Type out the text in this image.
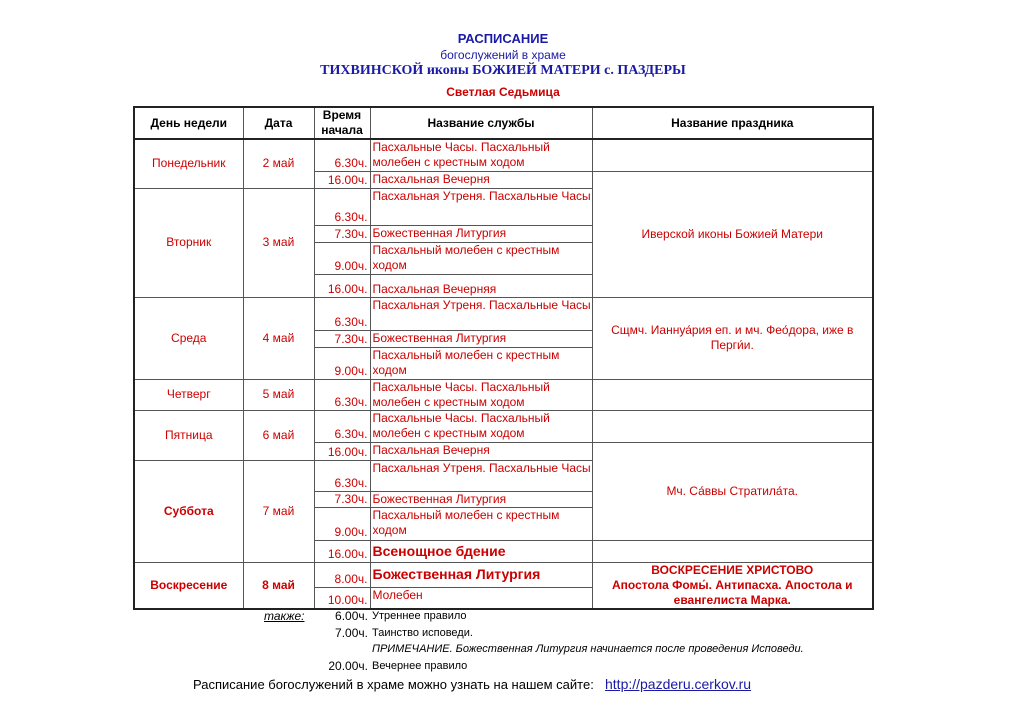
РАСПИСАНИЕ
богослужений в храме
ТИХВИНСКОЙ иконы БОЖИЕЙ МАТЕРИ с. ПАЗДЕРЫ
Светлая Седьмица
День недели	Дата	Время начала	Название службы	Название праздника
Понедельник	2 май	6.30ч.	Пасхальные Часы. Пасхальный молебен с крестным ходом	
		16.00ч.	Пасхальная Вечерня	Иверской иконы Божией Матери
Вторник	3 май	6.30ч.	Пасхальная Утреня. Пасхальные Часы	
		7.30ч.	Божественная Литургия	
		9.00ч.	Пасхальный молебен с крестным ходом	
		16.00ч.	Пасхальная Вечерняя	
Среда	4 май	6.30ч.	Пасхальная Утреня. Пасхальные Часы	Сщмч. Ианнуа́рия еп. и мч. Фео́дора, иже в Перги́и.
		7.30ч.	Божественная Литургия	
		9.00ч.	Пасхальный молебен с крестным ходом	
Четверг	5 май	6.30ч.	Пасхальные Часы. Пасхальный молебен с крестным ходом	
Пятница	6 май	6.30ч.	Пасхальные Часы. Пасхальный молебен с крестным ходом	
		16.00ч.	Пасхальная Вечерня	Мч. Са́ввы Стратила́та.
Суббота	7 май	6.30ч.	Пасхальная Утреня. Пасхальные Часы	
		7.30ч.	Божественная Литургия	
		9.00ч.	Пасхальный молебен с крестным ходом	
		16.00ч.	Всенощное бдение	
Воскресение	8 май	8.00ч.	Божественная Литургия	ВОСКРЕСЕНИЕ ХРИСТОВО
Апостола Фомы́. Антипасха. Апостола и
евангелиста Марка.

		10.00ч.	Молебен	
также:	6.00ч. Утреннее правило
7.00ч. Таинство исповеди.
ПРИМЕЧАНИЕ. Божественная Литургия начинается после проведения Исповеди.
20.00ч. Вечернее правило
Расписание богослужений в храме можно узнать на нашем сайте: http://pazderu.cerkov.ru
